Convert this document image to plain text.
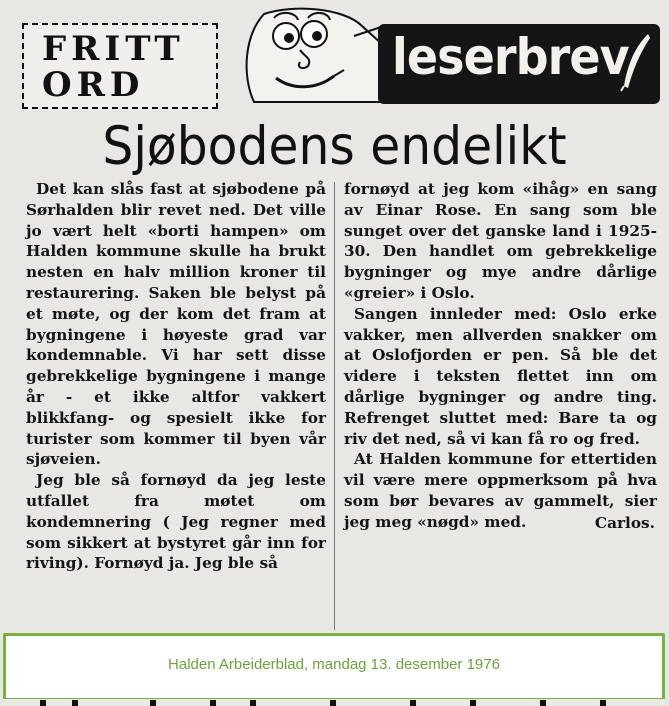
FRITT
ORD	leserbrev
Sjøbodens endelikt

Det kan slås fast at sjøbodene på Sørhalden blir revet ned. Det ville jo vært helt «borti hampen» om Halden kommune skulle ha brukt nesten en halv million kroner til restaurering. Saken ble belyst på et møte, og der kom det fram at bygningene i høyeste grad var kondemnable. Vi har sett disse gebrekkelige bygningene i mange år - et ikke altfor vakkert blikkfang- og spesielt ikke for turister som kommer til byen vår sjøveien.

Jeg ble så fornøyd da jeg leste utfallet fra møtet om kondemnering ( Jeg regner med som sikkert at bystyret går inn for riving). Fornøyd ja. Jeg ble så

fornøyd at jeg kom «ihåg» en sang av Einar Rose. En sang som ble sunget over det ganske land i 1925-30. Den handlet om gebrekkelige bygninger og mye andre dårlige «greier» i Oslo.

Sangen innleder med: Oslo erke vakker, men allverden snakker om at Oslofjorden er pen. Så ble det videre i teksten flettet inn om dårlige bygninger og andre ting. Refrenget sluttet med: Bare ta og riv det ned, så vi kan få ro og fred.

At Halden kommune for ettertiden vil være mere oppmerksom på hva som bør bevares av gammelt, sier jeg meg «nøgd» med.	Carlos.
Halden Arbeiderblad, mandag 13. desember 1976
